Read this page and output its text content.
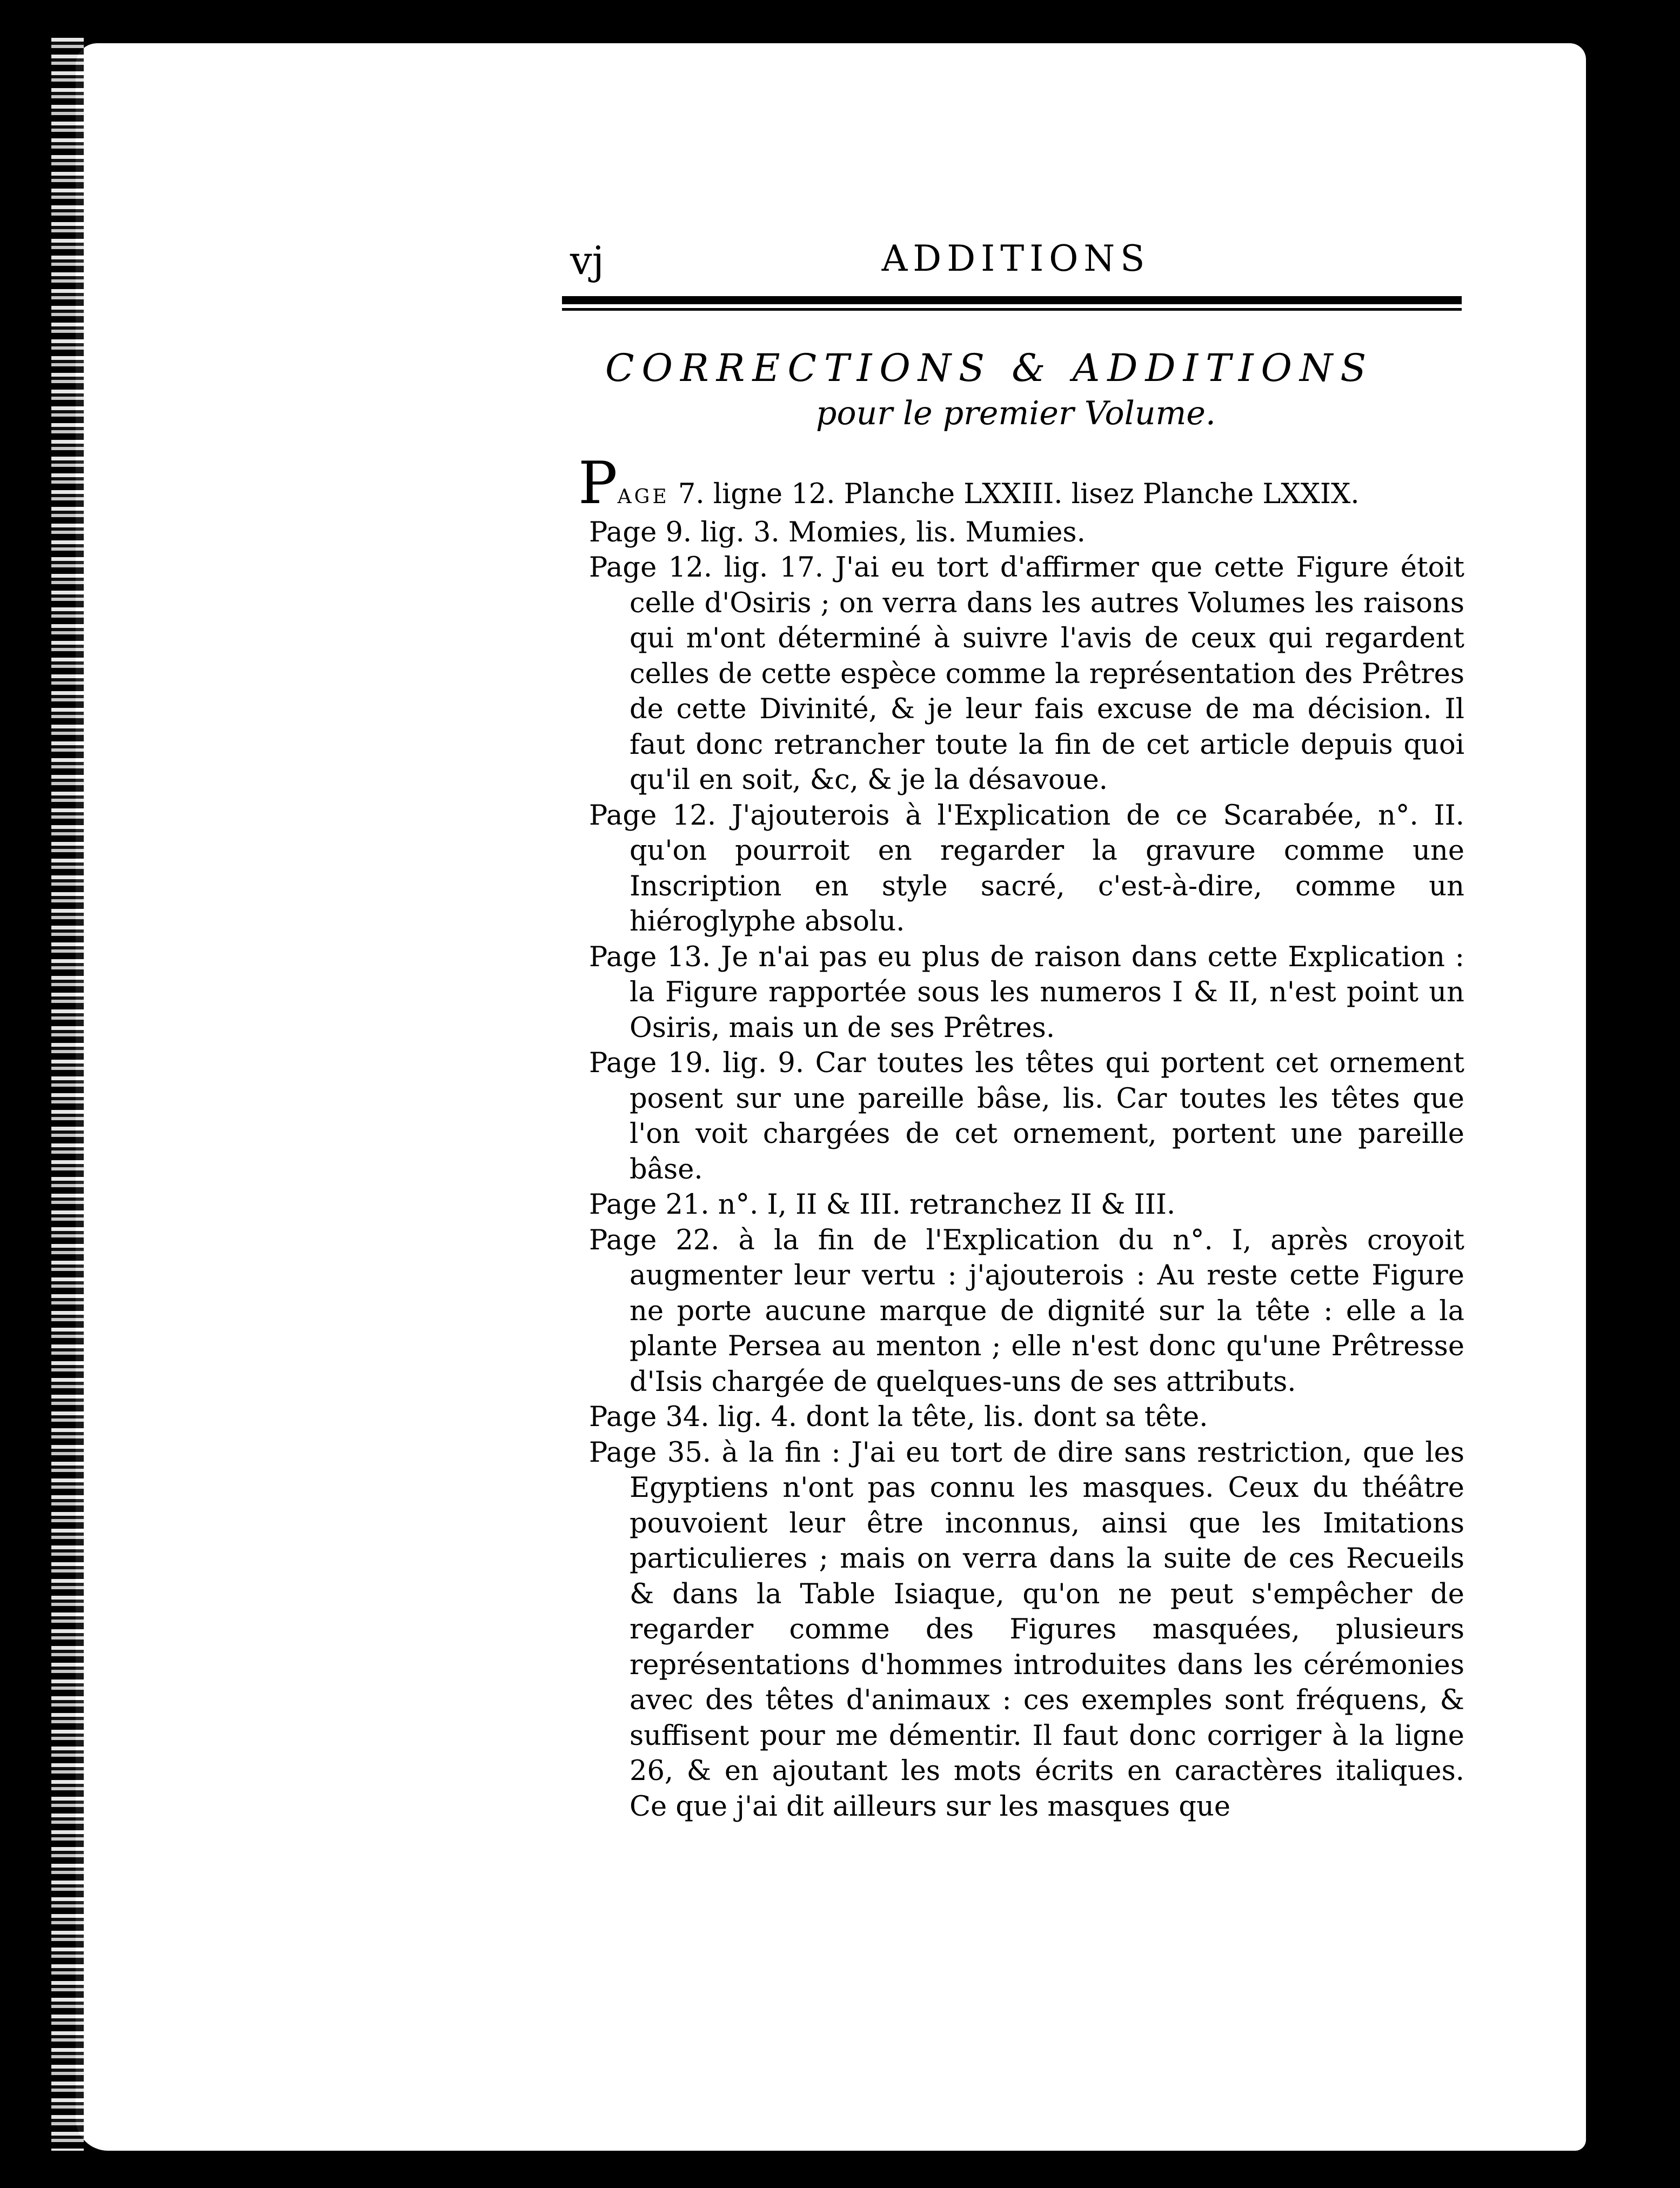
vj	ADDITIONS
CORRECTIONS & ADDITIONS
pour le premier Volume.

PAGE 7. ligne 12. Planche LXXIII. lisez Planche LXXIX.

Page 9. lig. 3. Momies, lis. Mumies.

Page 12. lig. 17. J'ai eu tort d'affirmer que cette Figure étoit celle d'Osiris ; on verra dans les autres Volumes les raisons qui m'ont déterminé à suivre l'avis de ceux qui regardent celles de cette espèce comme la représentation des Prêtres de cette Divinité, & je leur fais excuse de ma décision. Il faut donc retrancher toute la fin de cet article depuis quoi qu'il en soit, &c, & je la désavoue.

Page 12. J'ajouterois à l'Explication de ce Scarabée, n°. II. qu'on pourroit en regarder la gravure comme une Inscription en style sacré, c'est-à-dire, comme un hiéroglyphe absolu.

Page 13. Je n'ai pas eu plus de raison dans cette Explication : la Figure rapportée sous les numeros I & II, n'est point un Osiris, mais un de ses Prêtres.

Page 19. lig. 9. Car toutes les têtes qui portent cet ornement posent sur une pareille bâse, lis. Car toutes les têtes que l'on voit chargées de cet ornement, portent une pareille bâse.

Page 21. n°. I, II & III. retranchez II & III.

Page 22. à la fin de l'Explication du n°. I, après croyoit augmenter leur vertu : j'ajouterois : Au reste cette Figure ne porte aucune marque de dignité sur la tête : elle a la plante Persea au menton ; elle n'est donc qu'une Prêtresse d'Isis chargée de quelques-uns de ses attributs.

Page 34. lig. 4. dont la tête, lis. dont sa tête.

Page 35. à la fin : J'ai eu tort de dire sans restriction, que les Egyptiens n'ont pas connu les masques. Ceux du théâtre pouvoient leur être inconnus, ainsi que les Imitations particulieres ; mais on verra dans la suite de ces Recueils & dans la Table Isiaque, qu'on ne peut s'empêcher de regarder comme des Figures masquées, plusieurs représentations d'hommes introduites dans les cérémonies avec des têtes d'animaux : ces exemples sont fréquens, & suffisent pour me démentir. Il faut donc corriger à la ligne 26, & en ajoutant les mots écrits en caractères italiques. Ce que j'ai dit ailleurs sur les masques que
